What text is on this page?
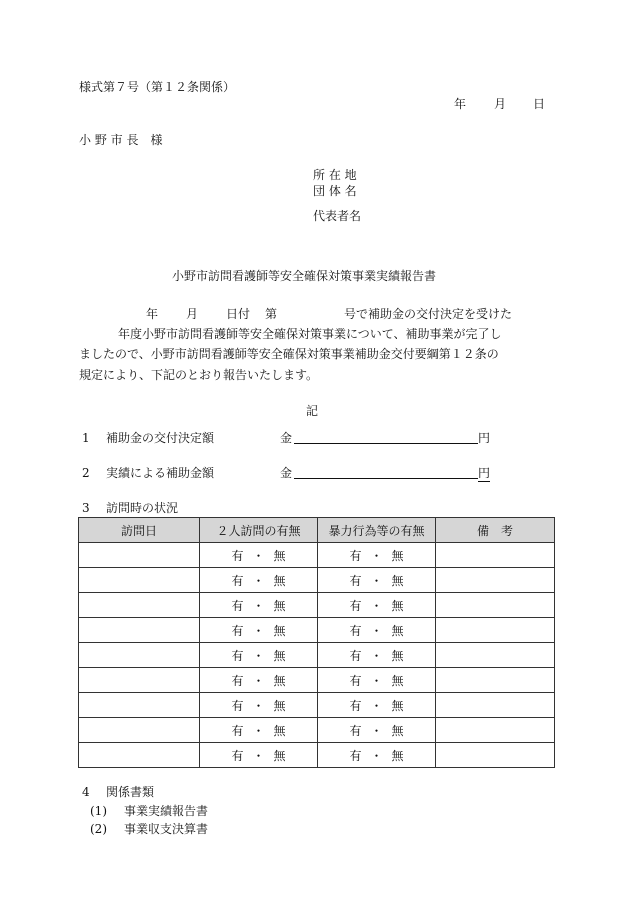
様式第７号（第１２条関係）
年 月 日
小 野 市 長　様
所 在 地
団 体 名
代表者名
小野市訪問看護師等安全確保対策事業実績報告書
年 月 日付 第	号で補助金の交付決定を受けた
年度小野市訪問看護師等安全確保対策事業について、補助事業が完了し
ましたので、小野市訪問看護師等安全確保対策事業補助金交付要綱第１２条の
規定により、下記のとおり報告いたします。
記
1 補助金の交付決定額	金	円
2 実績による補助金額	金	円
3 訪問時の状況
訪問日	２人訪問の有無	暴力行為等の有無	備　考
	有 ・ 無	有 ・ 無	
	有 ・ 無	有 ・ 無	
	有 ・ 無	有 ・ 無	
	有 ・ 無	有 ・ 無	
	有 ・ 無	有 ・ 無	
	有 ・ 無	有 ・ 無	
	有 ・ 無	有 ・ 無	
	有 ・ 無	有 ・ 無	
	有 ・ 無	有 ・ 無	
4 関係書類
(1) 事業実績報告書
(2) 事業収支決算書
